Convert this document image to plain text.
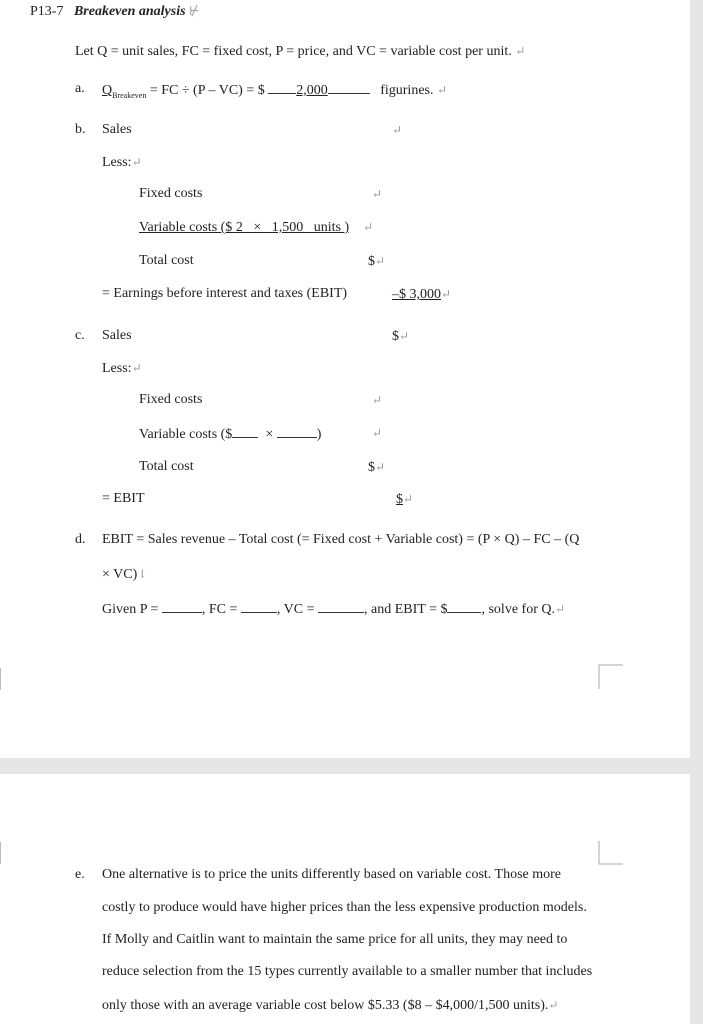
P13-7 Breakeven analysis ⊬
Let Q = unit sales, FC = fixed cost, P = price, and VC = variable cost per unit. ↵
a. $Q_{Breakeven}$ = FC ÷ (P – VC) = $ 2,000	figurines. ↵
b. Sales	↵
Less:↵
Fixed costs	↵
Variable costs ($ 2 × 1,500 units ) ↵
Total cost	$↵
= Earnings before interest and taxes (EBIT)	–$ 3,000↵
c. Sales	$↵
Less:↵
Fixed costs	↵
Variable costs ($ ×	)	↵
Total cost	$↵
= EBIT	$↵
d. EBIT = Sales revenue – Total cost (= Fixed cost + Variable cost) = (P × Q) – FC – (Q
× VC)⇂
Given P =	, FC =	, VC =	, and EBIT = $ , solve for Q.↵
e. One alternative is to price the units differently based on variable cost. Those more
costly to produce would have higher prices than the less expensive production models.
If Molly and Caitlin want to maintain the same price for all units, they may need to
reduce selection from the 15 types currently available to a smaller number that includes
only those with an average variable cost below $5.33 ($8 – $4,000/1,500 units).↵
